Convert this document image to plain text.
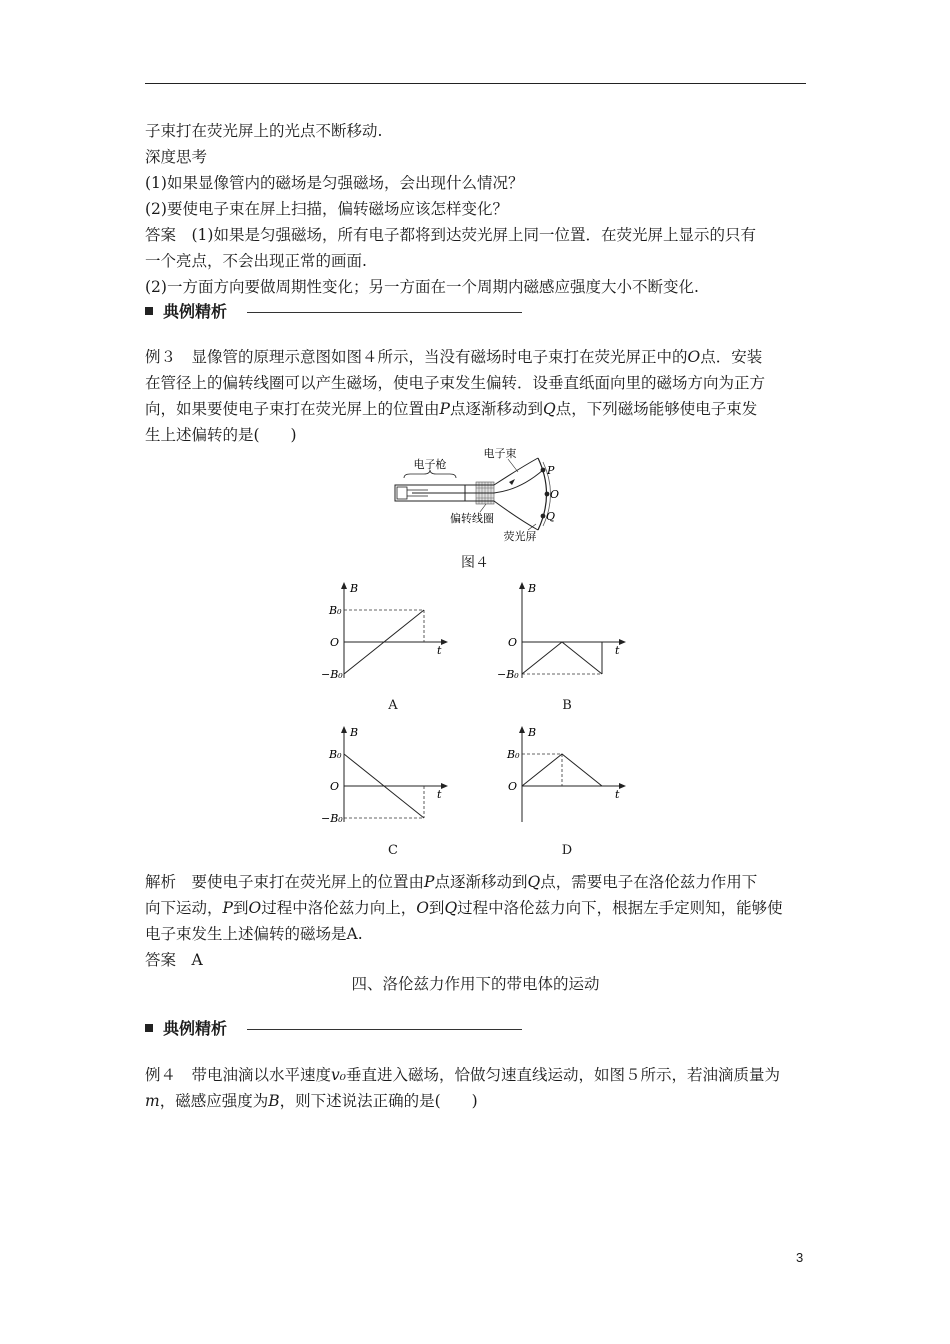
子束打在荧光屏上的光点不断移动.
深度思考
(1)如果显像管内的磁场是匀强磁场，会出现什么情况？
(2)要使电子束在屏上扫描，偏转磁场应该怎样变化？
答案　(1)如果是匀强磁场，所有电子都将到达荧光屏上同一位置．在荧光屏上显示的只有
一个亮点，不会出现正常的画面.
(2)一方面方向要做周期性变化；另一方面在一个周期内磁感应强度大小不断变化.
典例精析
例３　显像管的原理示意图如图４所示，当没有磁场时电子束打在荧光屏正中的O点．安装
在管径上的偏转线圈可以产生磁场，使电子束发生偏转．设垂直纸面向里的磁场方向为正方
向，如果要使电子束打在荧光屏上的位置由P点逐渐移动到Q点，下列磁场能够使电子束发
生上述偏转的是(　　)
电子枪
电子束
偏转线圈
荧光屏
P
O
Q
图４
B
t
O
B₀
−B₀
A
B
t
O
−B₀
B
B
t
O
B₀
−B₀
C
B
t
O
B₀
D
解析　要使电子束打在荧光屏上的位置由P点逐渐移动到Q点，需要电子在洛伦兹力作用下
向下运动，P到O过程中洛伦兹力向上，O到Q过程中洛伦兹力向下，根据左手定则知，能够使
电子束发生上述偏转的磁场是A.
答案　A
四、洛伦兹力作用下的带电体的运动
典例精析
例４　带电油滴以水平速度v₀垂直进入磁场，恰做匀速直线运动，如图５所示，若油滴质量为
m，磁感应强度为B，则下述说法正确的是(　　)
3
